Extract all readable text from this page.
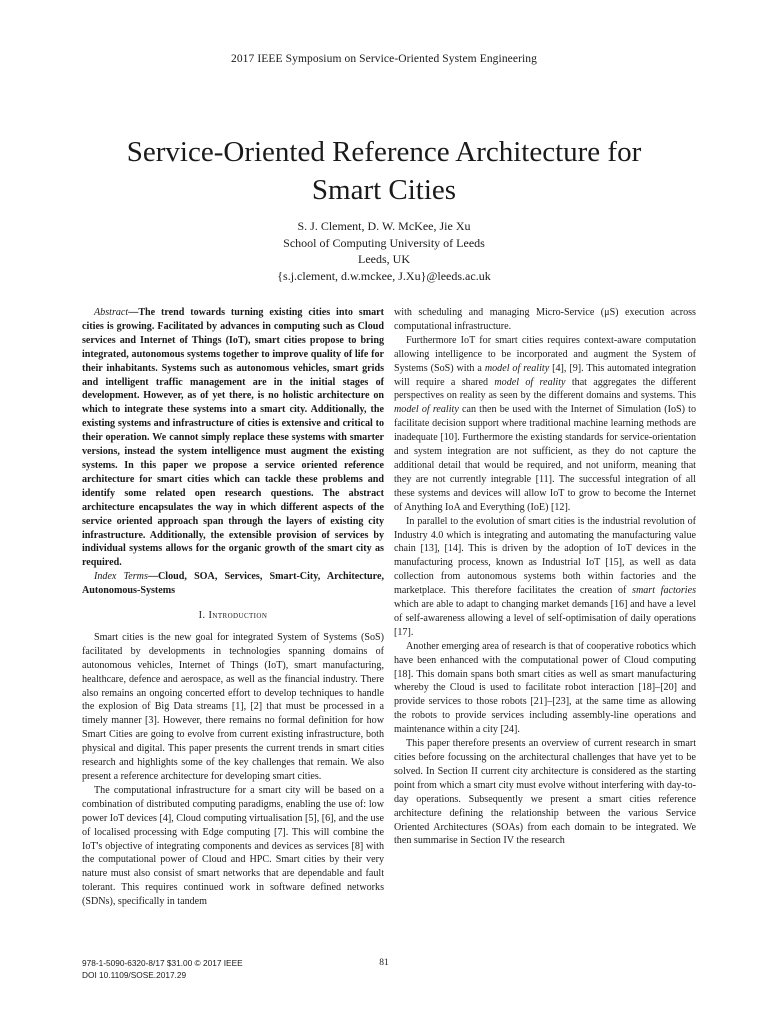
2017 IEEE Symposium on Service-Oriented System Engineering
Service-Oriented Reference Architecture for Smart Cities
S. J. Clement, D. W. McKee, Jie Xu
School of Computing University of Leeds
Leeds, UK
{s.j.clement, d.w.mckee, J.Xu}@leeds.ac.uk

Abstract—The trend towards turning existing cities into smart cities is growing. Facilitated by advances in computing such as Cloud services and Internet of Things (IoT), smart cities propose to bring integrated, autonomous systems together to improve quality of life for their inhabitants. Systems such as autonomous vehicles, smart grids and intelligent traffic management are in the initial stages of development. However, as of yet there, is no holistic architecture on which to integrate these systems into a smart city. Additionally, the existing systems and infrastructure of cities is extensive and critical to their operation. We cannot simply replace these systems with smarter versions, instead the system intelligence must augment the existing systems. In this paper we propose a service oriented reference architecture for smart cities which can tackle these problems and identify some related open research questions. The abstract architecture encapsulates the way in which different aspects of the service oriented approach span through the layers of existing city infrastructure. Additionally, the extensible provision of services by individual systems allows for the organic growth of the smart city as required.

Index Terms—Cloud, SOA, Services, Smart-City, Architecture, Autonomous-Systems

I. Introduction

Smart cities is the new goal for integrated System of Systems (SoS) facilitated by developments in technologies spanning domains of autonomous vehicles, Internet of Things (IoT), smart manufacturing, healthcare, defence and aerospace, as well as the financial industry. There also remains an ongoing concerted effort to develop techniques to handle the explosion of Big Data streams [1], [2] that must be processed in a timely manner [3]. However, there remains no formal definition for how Smart Cities are going to evolve from current existing infrastructure, both physical and digital. This paper presents the current trends in smart cities research and highlights some of the key challenges that remain. We also present a reference architecture for developing smart cities.

The computational infrastructure for a smart city will be based on a combination of distributed computing paradigms, enabling the use of: low power IoT devices [4], Cloud computing virtualisation [5], [6], and the use of localised processing with Edge computing [7]. This will combine the IoT's objective of integrating components and devices as services [8] with the computational power of Cloud and HPC. Smart cities by their very nature must also consist of smart networks that are dependable and fault tolerant. This requires continued work in software defined networks (SDNs), specifically in tandem

with scheduling and managing Micro-Service (μS) execution across computational infrastructure.

Furthermore IoT for smart cities requires context-aware computation allowing intelligence to be incorporated and augment the System of Systems (SoS) with a model of reality [4], [9]. This automated integration will require a shared model of reality that aggregates the different perspectives on reality as seen by the different domains and systems. This model of reality can then be used with the Internet of Simulation (IoS) to facilitate decision support where traditional machine learning methods are inadequate [10]. Furthermore the existing standards for service-orientation and system integration are not sufficient, as they do not capture the additional detail that would be required, and not uniform, meaning that they are not currently integrable [11]. The successful integration of all these systems and devices will allow IoT to grow to become the Internet of Anything IoA and Everything (IoE) [12].

In parallel to the evolution of smart cities is the industrial revolution of Industry 4.0 which is integrating and automating the manufacturing value chain [13], [14]. This is driven by the adoption of IoT devices in the manufacturing process, known as Industrial IoT [15], as well as data collection from autonomous systems both within factories and the marketplace. This therefore facilitates the creation of smart factories which are able to adapt to changing market demands [16] and have a level of self-awareness allowing a level of self-optimisation of daily operations [17].

Another emerging area of research is that of cooperative robotics which have been enhanced with the computational power of Cloud computing [18]. This domain spans both smart cities as well as smart manufacturing whereby the Cloud is used to facilitate robot interaction [18]–[20] and provide services to those robots [21]–[23], at the same time as allowing the robots to provide services including assembly-line operations and maintenance within a city [24].

This paper therefore presents an overview of current research in smart cities before focussing on the architectural challenges that have yet to be solved. In Section II current city architecture is considered as the starting point from which a smart city must evolve without interfering with day-to-day operations. Subsequently we present a smart cities reference architecture defining the relationship between the various Service Oriented Architectures (SOAs) from each domain to be integrated. We then summarise in Section IV the research

978-1-5090-6320-8/17 $31.00 © 2017 IEEE
DOI 10.1109/SOSE.2017.29
81
